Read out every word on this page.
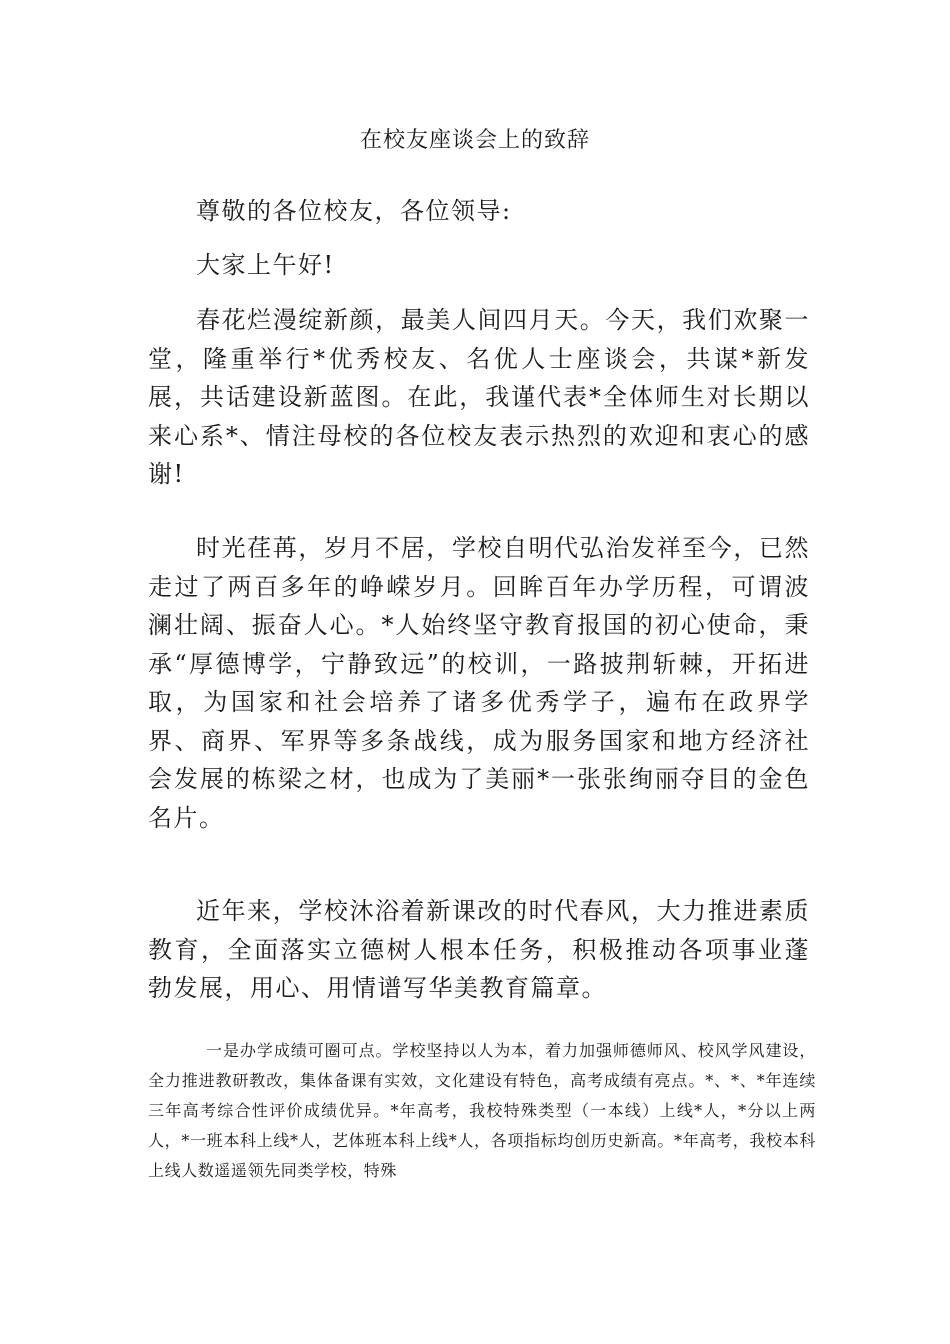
在校友座谈会上的致辞

尊敬的各位校友，各位领导:

大家上午好!

春花烂漫绽新颜，最美人间四月天。今天，我们欢聚一堂，隆重举行*优秀校友、名优人士座谈会，共谋*新发展，共话建设新蓝图。在此，我谨代表*全体师生对长期以来心系*、情注母校的各位校友表示热烈的欢迎和衷心的感谢!

时光荏苒，岁月不居，学校自明代弘治发祥至今，已然走过了两百多年的峥嵘岁月。回眸百年办学历程，可谓波澜壮阔、振奋人心。*人始终坚守教育报国的初心使命，秉承“厚德博学，宁静致远”的校训，一路披荆斩棘，开拓进取，为国家和社会培养了诸多优秀学子，遍布在政界学界、商界、军界等多条战线，成为服务国家和地方经济社会发展的栋梁之材，也成为了美丽*一张张绚丽夺目的金色名片。

近年来，学校沐浴着新课改的时代春风，大力推进素质教育，全面落实立德树人根本任务，积极推动各项事业蓬勃发展，用心、用情谱写华美教育篇章。

一是办学成绩可圈可点。学校坚持以人为本，着力加强师德师风、校风学风建设，全力推进教研教改，集体备课有实效，文化建设有特色，高考成绩有亮点。*、*、*年连续三年高考综合性评价成绩优异。*年高考，我校特殊类型（一本线）上线*人，*分以上两人，*一班本科上线*人，艺体班本科上线*人，各项指标均创历史新高。*年高考，我校本科上线人数遥遥领先同类学校，特殊
